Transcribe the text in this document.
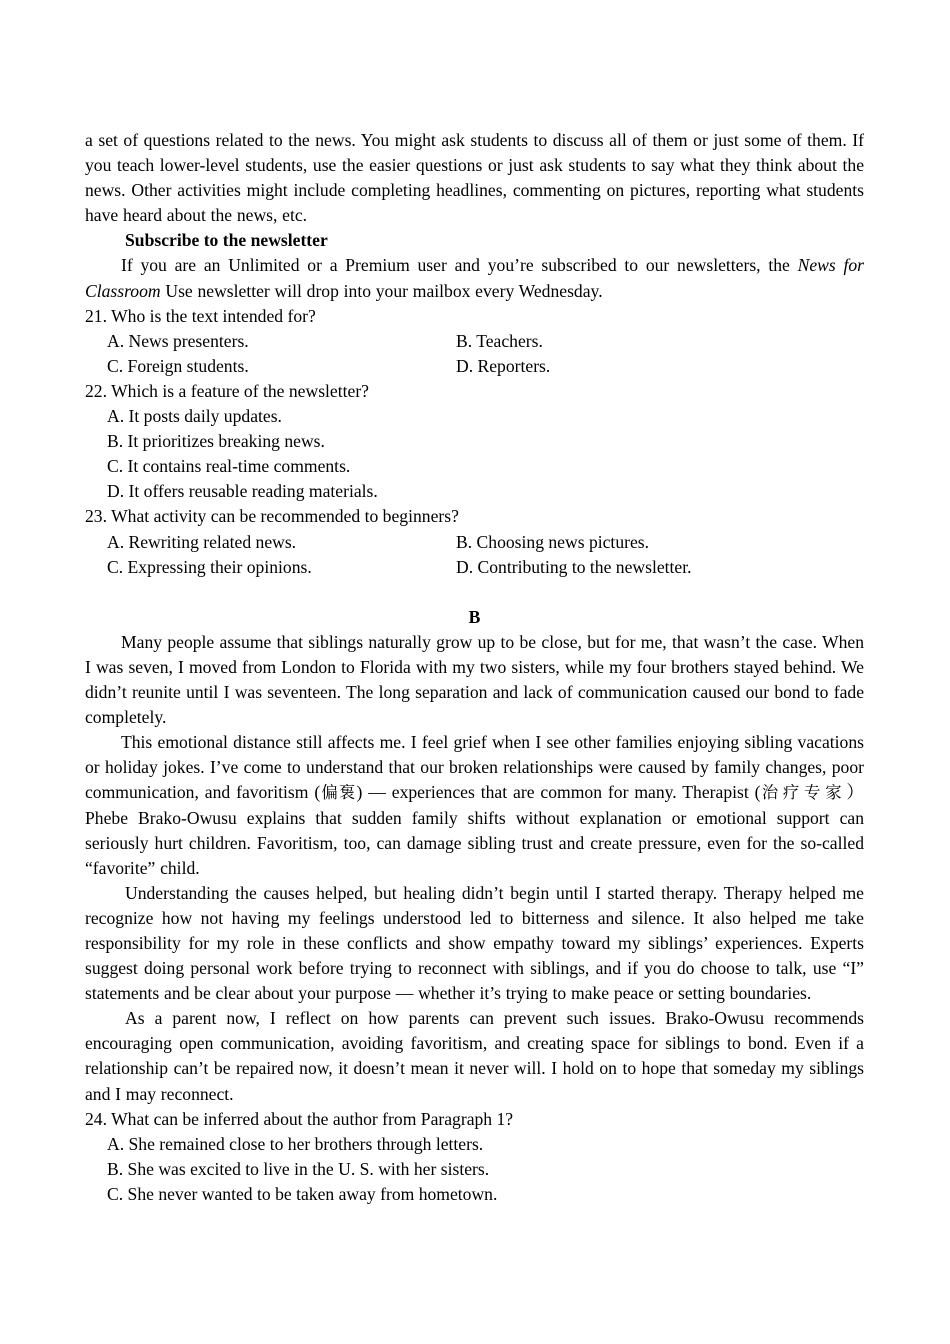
a set of questions related to the news. You might ask students to discuss all of them or just some of them. If you teach lower-level students, use the easier questions or just ask students to say what they think about the news. Other activities might include completing headlines, commenting on pictures, reporting what students have heard about the news, etc.

Subscribe to the newsletter

If you are an Unlimited or a Premium user and you’re subscribed to our newsletters, the News for Classroom Use newsletter will drop into your mailbox every Wednesday.

21. Who is the text intended for?

A. News presenters.	B. Teachers.
C. Foreign students.	D. Reporters.

22. Which is a feature of the newsletter?

A. It posts daily updates.

B. It prioritizes breaking news.

C. It contains real-time comments.

D. It offers reusable reading materials.

23. What activity can be recommended to beginners?

A. Rewriting related news.	B. Choosing news pictures.
C. Expressing their opinions.	D. Contributing to the newsletter.

B

Many people assume that siblings naturally grow up to be close, but for me, that wasn’t the case. When I was seven, I moved from London to Florida with my two sisters, while my four brothers stayed behind. We didn’t reunite until I was seventeen. The long separation and lack of communication caused our bond to fade completely.

This emotional distance still affects me. I feel grief when I see other families enjoying sibling vacations or holiday jokes. I’ve come to understand that our broken relationships were caused by family changes, poor communication, and favoritism (偏袌) — experiences that are common for many. Therapist (治疗专家）Phebe Brako-Owusu explains that sudden family shifts without explanation or emotional support can seriously hurt children. Favoritism, too, can damage sibling trust and create pressure, even for the so-called “favorite” child.

Understanding the causes helped, but healing didn’t begin until I started therapy. Therapy helped me recognize how not having my feelings understood led to bitterness and silence. It also helped me take responsibility for my role in these conflicts and show empathy toward my siblings’ experiences. Experts suggest doing personal work before trying to reconnect with siblings, and if you do choose to talk, use “I” statements and be clear about your purpose — whether it’s trying to make peace or setting boundaries.

As a parent now, I reflect on how parents can prevent such issues. Brako-Owusu recommends encouraging open communication, avoiding favoritism, and creating space for siblings to bond. Even if a relationship can’t be repaired now, it doesn’t mean it never will. I hold on to hope that someday my siblings and I may reconnect.

24. What can be inferred about the author from Paragraph 1?

A. She remained close to her brothers through letters.

B. She was excited to live in the U. S. with her sisters.

C. She never wanted to be taken away from hometown.
